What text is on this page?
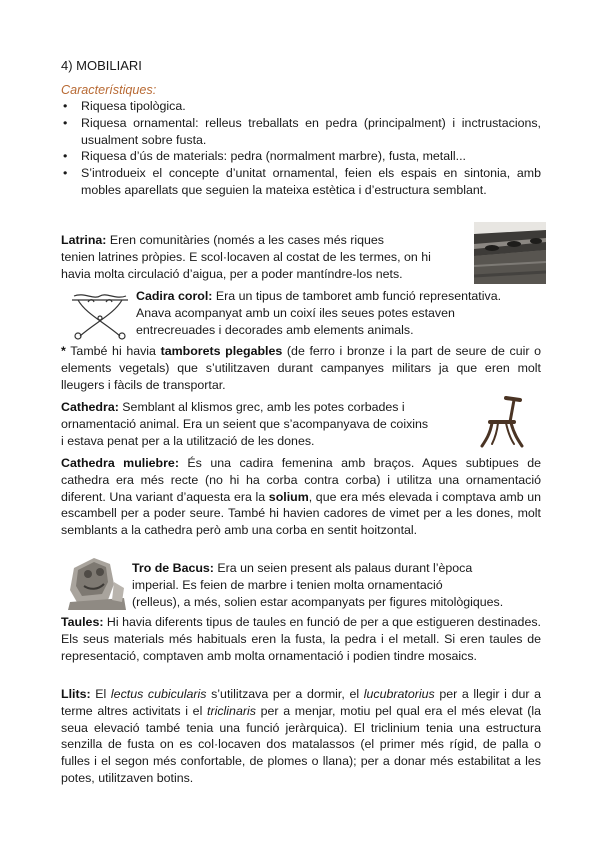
4) MOBILIARI

Característiques:

• Riquesa tipològica.
• Riquesa ornamental: relleus treballats en pedra (principalment) i inctrustacions, usualment sobre fusta.
• Riquesa d’ús de materials: pedra (normalment marbre), fusta, metall...
• S’introdueix el concepte d’unitat ornamental, feien els espais en sintonia, amb mobles aparellats que seguien la mateixa estètica i d’estructura semblant.
Latrina: Eren comunitàries (només a les cases més riques
tenien latrines pròpies. E scol·locaven al costat de les termes, on hi
havia molta circulació d’aigua, per a poder mantíndre-los nets.
Cadira corol: Era un tipus de tamboret amb funció representativa.
Anava acompanyat amb un coixí iles seues potes estaven
entrecreuades i decorades amb elements animals.

* També hi havia tamborets plegables (de ferro i bronze i la part de seure de cuir o elements vegetals) que s’utilitzaven durant campanyes militars ja que eren molt lleugers i fàcils de transportar.

Cathedra: Semblant al klismos grec, amb les potes corbades i
ornamentació animal. Era un seient que s’acompanyava de coixins
i estava penat per a la utilització de les dones.

Cathedra muliebre: És una cadira femenina amb braços. Aques subtipues de cathedra era més recte (no hi ha corba contra corba) i utilitza una ornamentació diferent. Una variant d’aquesta era la solium, que era més elevada i comptava amb un escambell per a poder seure. També hi havien cadores de vimet per a les dones, molt semblants a la cathedra però amb una corba en sentit hoitzontal.

Tro de Bacus: Era un seien present als palaus durant l’època
imperial. Es feien de marbre i tenien molta ornamentació
(relleus), a més, solien estar acompanyats per figures mitològiques.

Taules: Hi havia diferents tipus de taules en funció de per a que estigueren destinades. Els seus materials més habituals eren la fusta, la pedra i el metall. Si eren taules de representació, comptaven amb molta ornamentació i podien tindre mosaics.

Llits: El lectus cubicularis s’utilitzava per a dormir, el lucubratorius per a llegir i dur a terme altres activitats i el triclinaris per a menjar, motiu pel qual era el més elevat (la seua elevació també tenia una funció jeràrquica). El triclinium tenia una estructura senzilla de fusta on es col·locaven dos matalassos (el primer més rígid, de palla o fulles i el segon més confortable, de plomes o llana); per a donar més estabilitat a les potes, utilitzaven botins.
